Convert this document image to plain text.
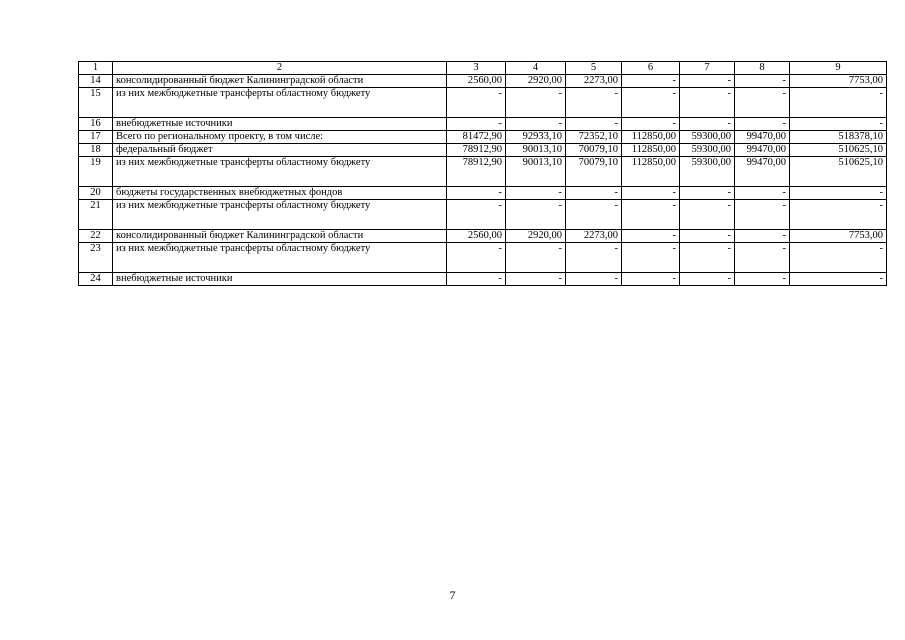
1	2	3	4	5	6	7	8	9
14	консолидированный бюджет Калининградской области	2560,00	2920,00	2273,00	-	-	-	7753,00
15	из них межбюджетные трансферты областному бюджету	-	-	-	-	-	-	-
16	внебюджетные источники	-	-	-	-	-	-	-
17	Всего по региональному проекту, в том числе:	81472,90	92933,10	72352,10	112850,00	59300,00	99470,00	518378,10
18	федеральный бюджет	78912,90	90013,10	70079,10	112850,00	59300,00	99470,00	510625,10
19	из них межбюджетные трансферты областному бюджету	78912,90	90013,10	70079,10	112850,00	59300,00	99470,00	510625,10
20	бюджеты государственных внебюджетных фондов	-	-	-	-	-	-	-
21	из них межбюджетные трансферты областному бюджету	-	-	-	-	-	-	-
22	консолидированный бюджет Калининградской области	2560,00	2920,00	2273,00	-	-	-	7753,00
23	из них межбюджетные трансферты областному бюджету	-	-	-	-	-	-	-
24	внебюджетные источники	-	-	-	-	-	-	-
7
